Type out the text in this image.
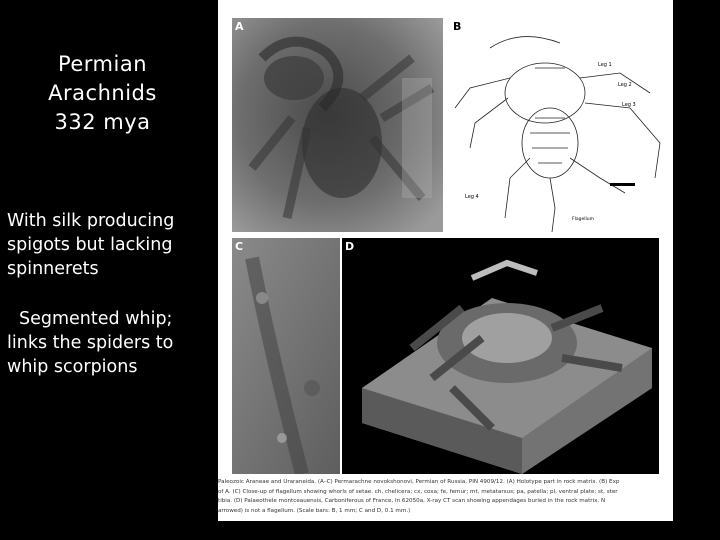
Permian
Arachnids
332 mya
With silk producing
spigots but lacking
spinnerets
Segmented whip;
links the spiders to
whip scorpions
A
Leg 1
Leg 2
Leg 3
Leg 4
Flagellum
B
C	D
Paleozoic Araneae and Uraraneida. (A–C) Permarachne novokshonovi, Permian of Russia, PIN 4909/12. (A) Holotype part in rock matrix. (B) Exp
of A. (C) Close-up of flagellum showing whorls of setae. ch, chelicera; cx, coxa; fe, femur; mt, metatarsus; pa, patella; pl, ventral plate; st, ster
tibia. (D) Palaeothele montceauensis, Carboniferous of France, In 62050a, X-ray CT scan showing appendages buried in the rock matrix. N
arrowed) is not a flagellum. (Scale bars: B, 1 mm; C and D, 0.1 mm.)
